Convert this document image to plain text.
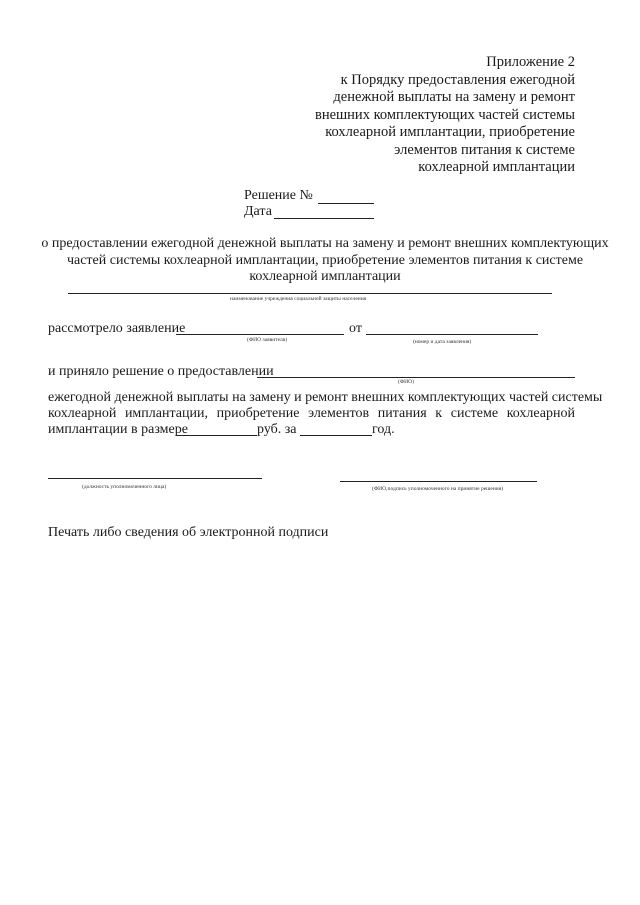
Приложение 2
к Порядку предоставления ежегодной
денежной выплаты на замену и ремонт
внешних комплектующих частей системы
кохлеарной имплантации, приобретение
элементов питания к системе
кохлеарной имплантации
Решение №
Дата
о предоставлении ежегодной денежной выплаты на замену и ремонт внешних комплектующих
частей системы кохлеарной имплантации, приобретение элементов питания к системе
кохлеарной имплантации
наименование учреждения социальной защиты населения
рассмотрело заявление
(ФИО заявителя)
от
(номер и дата заявления)
и приняло решение о предоставлении
(ФИО)
ежегодной денежной выплаты на замену и ремонт внешних комплектующих частей системы
кохлеарной имплантации, приобретение элементов питания к системе кохлеарной
имплантации в размере	руб. за	год.
(должность уполномоченного лица)	(ФИО,подпись уполномоченного на принятие решения)
Печать либо сведения об электронной подписи
